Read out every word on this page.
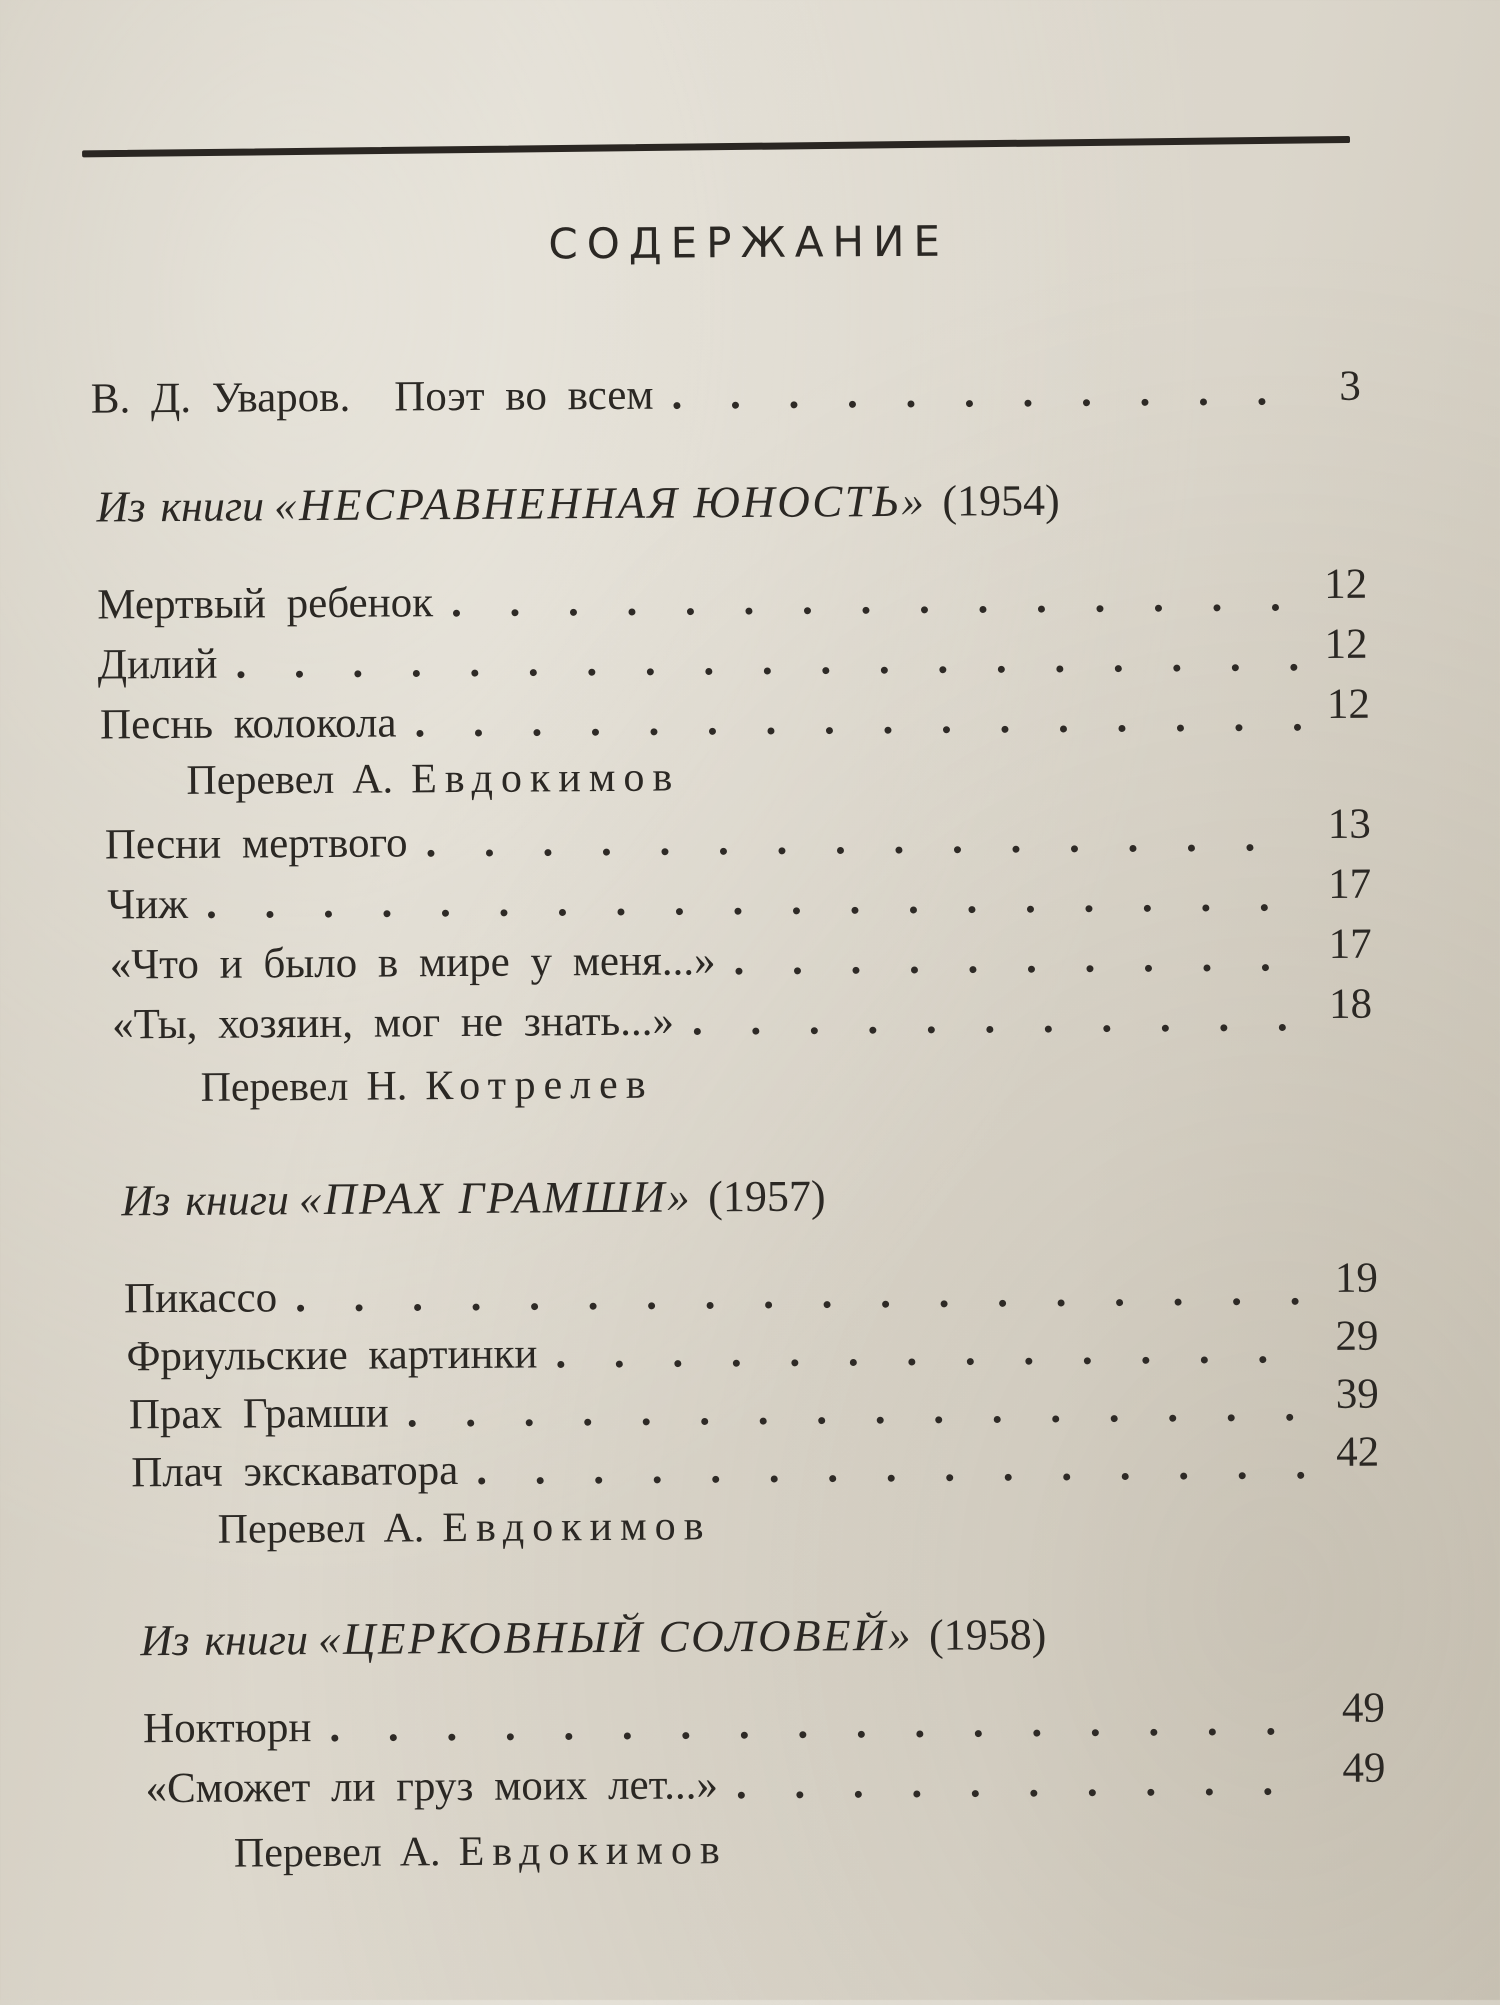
СОДЕРЖАНИЕ
В. Д. Уваров. Поэт во всем . . .	3
Из книги «НЕСРАВНЕННАЯ ЮНОСТЬ» (1954)
Мертвый ребенок . . .	12
Дилий . . .	12
Песнь колокола . . .	12
Перевел А. Евдокимов
Песни мертвого . . .	13
Чиж . . .	17
«Что и было в мире у меня...» . . .	17
«Ты, хозяин, мог не знать...» . . .	18
Перевел Н. Котрелев
Из книги «ПРАХ ГРАМШИ» (1957)
Пикассо . . .	19
Фриульские картинки . . .	29
Прах Грамши . . .	39
Плач экскаватора . . .	42
Перевел А. Евдокимов
Из книги «ЦЕРКОВНЫЙ СОЛОВЕЙ» (1958)
Ноктюрн . . .	49
«Сможет ли груз моих лет...» . . .	49
Перевел А. Евдокимов
